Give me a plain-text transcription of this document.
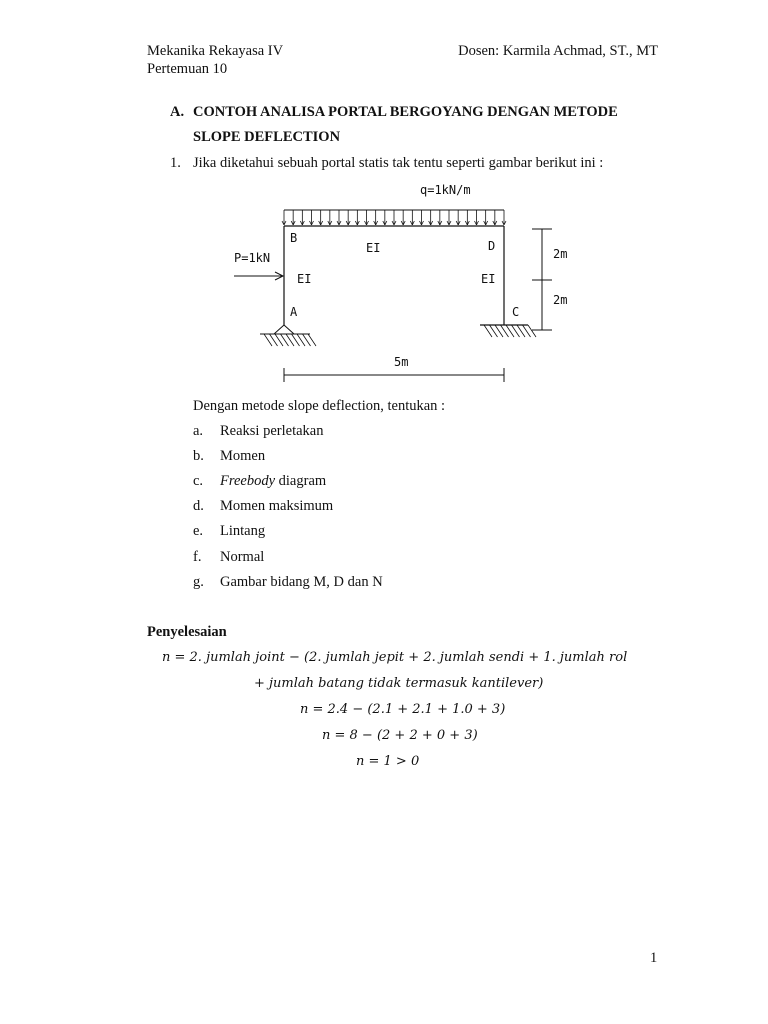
Mekanika Rekayasa IV	Dosen: Karmila Achmad, ST., MT
Pertemuan 10
A. CONTOH ANALISA PORTAL BERGOYANG DENGAN METODE
SLOPE DEFLECTION
1. Jika diketahui sebuah portal statis tak tentu seperti gambar berikut ini :
q=1kN/m
B
D
A	C
EI
EI	EI
P=1kN	2m
2m
5m
Dengan metode slope deflection, tentukan :
a. Reaksi perletakan
b. Momen
c. Freebody diagram
d. Momen maksimum
e. Lintang
f. Normal
g. Gambar bidang M, D dan N
Penyelesaian
n = 2. jumlah joint − (2. jumlah jepit + 2. jumlah sendi + 1. jumlah rol
+ jumlah batang tidak termasuk kantilever)
n = 2.4 − (2.1 + 2.1 + 1.0 + 3)
n = 8 − (2 + 2 + 0 + 3)
n = 1 > 0
1
